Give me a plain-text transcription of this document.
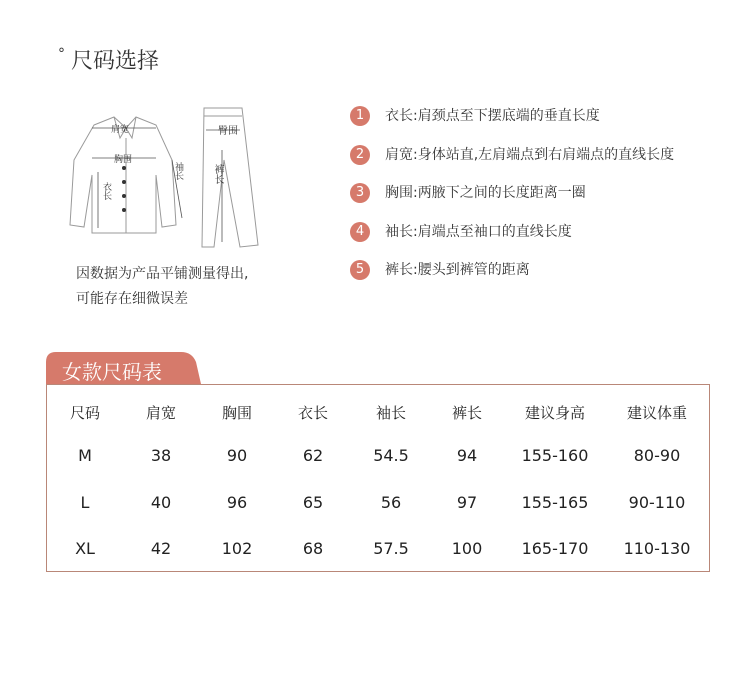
° 尺码选择
肩宽
胸围
衣长
袖长
臀围
裤长
因数据为产品平铺测量得出,
可能存在细微误差
1	衣长:肩颈点至下摆底端的垂直长度
2	肩宽:身体站直,左肩端点到右肩端点的直线长度
3	胸围:两腋下之间的长度距离一圈
4	袖长:肩端点至袖口的直线长度
5	裤长:腰头到裤管的距离
女款尺码表
尺码	肩宽	胸围	衣长	袖长	裤长	建议身高	建议体重
M	38	90	62	54.5	94	155-160	80-90
L	40	96	65	56	97	155-165	90-110
XL	42	102	68	57.5	100	165-170	110-130
